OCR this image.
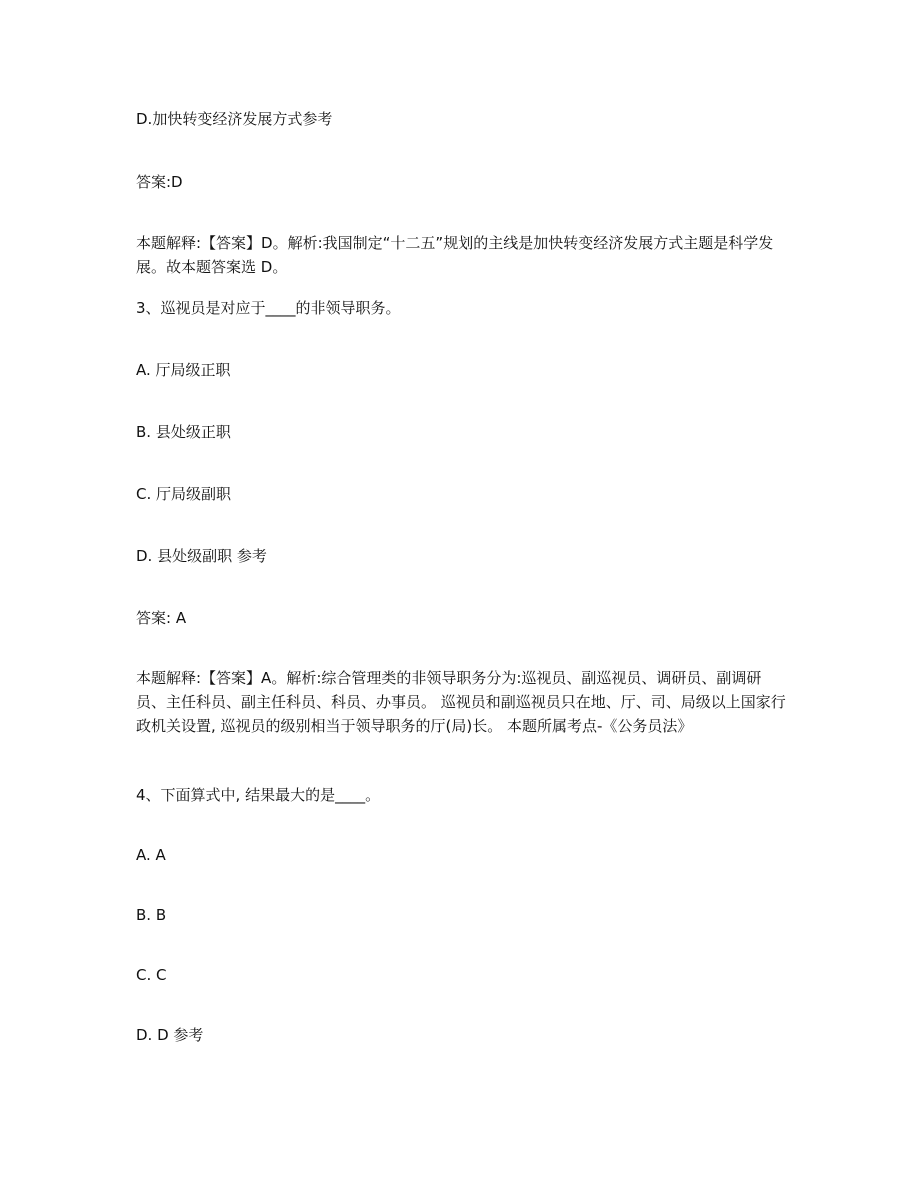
D.加快转变经济发展方式参考
答案:D
本题解释:【答案】D。解析:我国制定“十二五”规划的主线是加快转变经济发展方式主题是科学发展。故本题答案选 D。
3、巡视员是对应于____的非领导职务。
A. 厅局级正职
B. 县处级正职
C. 厅局级副职
D. 县处级副职 参考
答案: A
本题解释:【答案】A。解析:综合管理类的非领导职务分为:巡视员、副巡视员、调研员、副调研员、主任科员、副主任科员、科员、办事员。 巡视员和副巡视员只在地、厅、司、局级以上国家行政机关设置, 巡视员的级别相当于领导职务的厅(局)长。 本题所属考点-《公务员法》
4、下面算式中, 结果最大的是____。
A. A
B. B
C. C
D. D 参考
